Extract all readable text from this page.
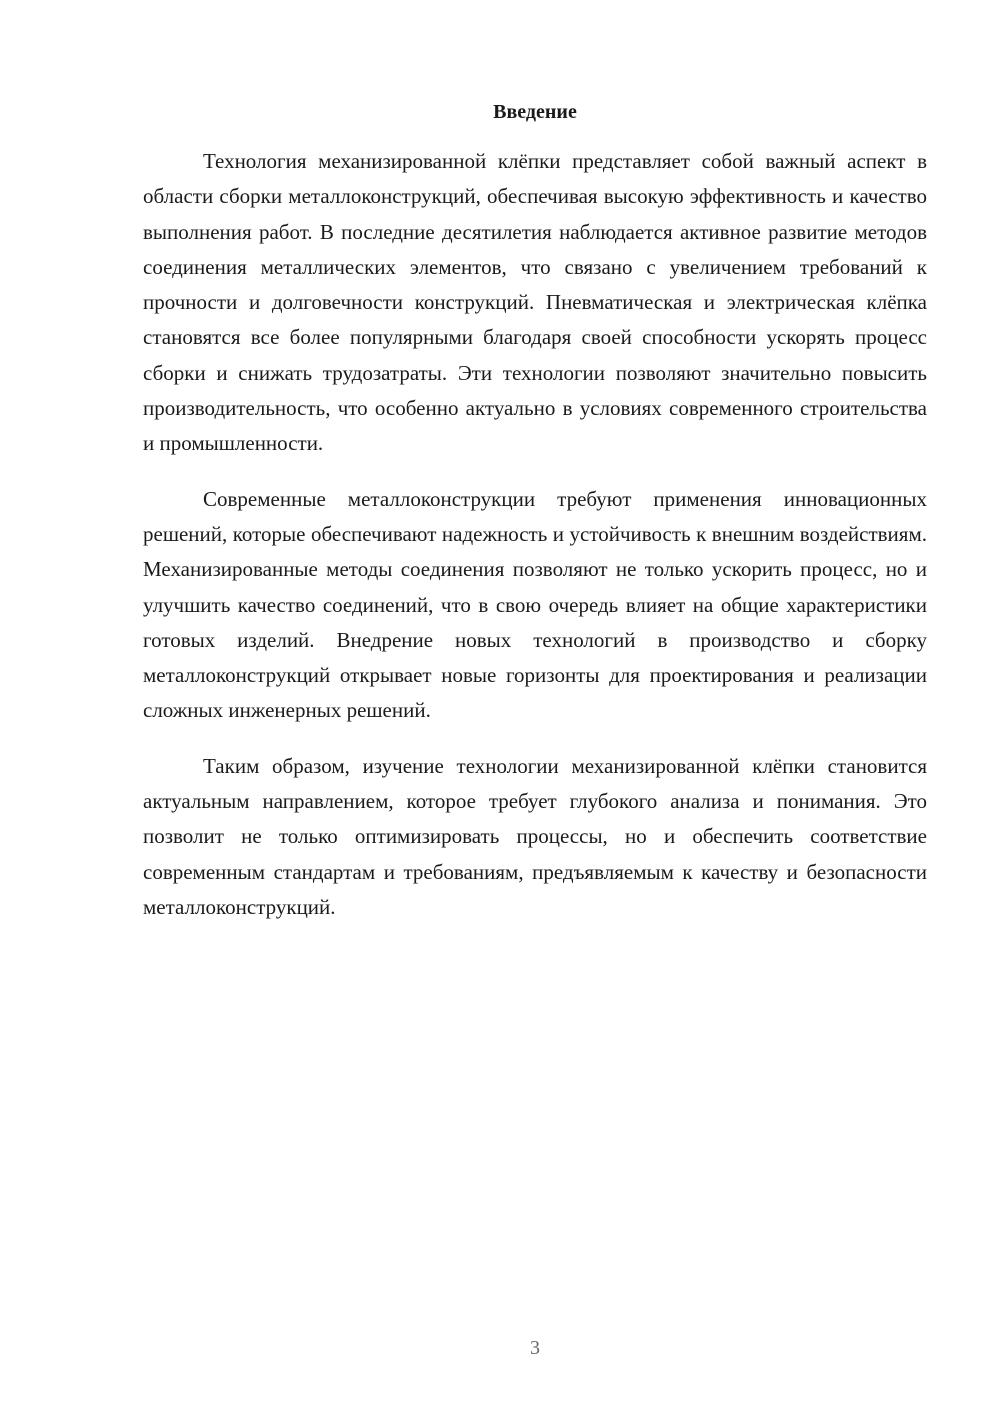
Введение

Технология механизированной клёпки представляет собой важный аспект в области сборки металлоконструкций, обеспечивая высокую эффективность и качество выполнения работ. В последние десятилетия наблюдается активное развитие методов соединения металлических элементов, что связано с увеличением требований к прочности и долговечности конструкций. Пневматическая и электрическая клёпка становятся все более популярными благодаря своей способности ускорять процесс сборки и снижать трудозатраты. Эти технологии позволяют значительно повысить производительность, что особенно актуально в условиях современного строительства и промышленности.

Современные металлоконструкции требуют применения инновационных решений, которые обеспечивают надежность и устойчивость к внешним воздействиям. Механизированные методы соединения позволяют не только ускорить процесс, но и улучшить качество соединений, что в свою очередь влияет на общие характеристики готовых изделий. Внедрение новых технологий в производство и сборку металлоконструкций открывает новые горизонты для проектирования и реализации сложных инженерных решений.

Таким образом, изучение технологии механизированной клёпки становится актуальным направлением, которое требует глубокого анализа и понимания. Это позволит не только оптимизировать процессы, но и обеспечить соответствие современным стандартам и требованиям, предъявляемым к качеству и безопасности металлоконструкций.

3
